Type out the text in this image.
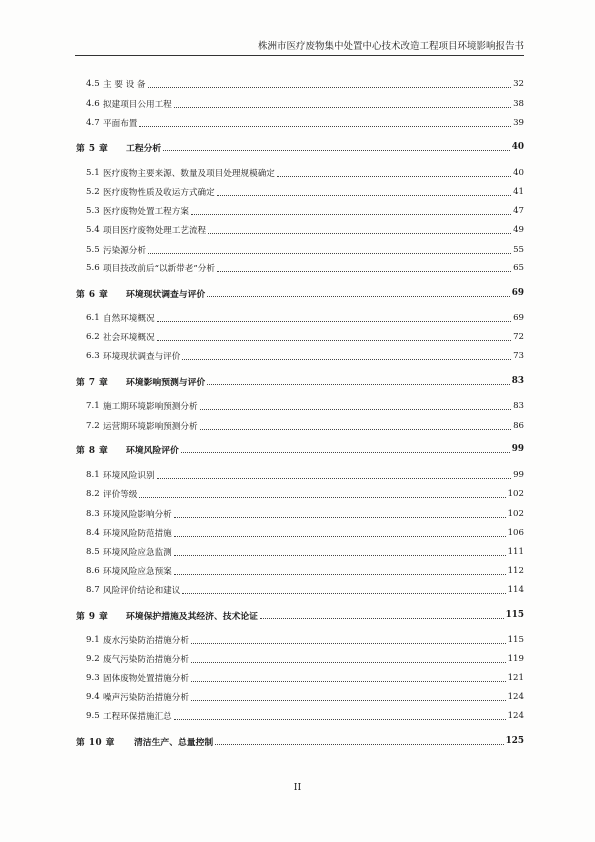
株洲市医疗废物集中处置中心技术改造工程项目环境影响报告书
4.5 主 要 设 备	32
4.6 拟建项目公用工程	38
4.7 平面布置	39
第 5 章	工程分析	40
5.1 医疗废物主要来源、数量及项目处理规模确定	40
5.2 医疗废物性质及收运方式确定	41
5.3 医疗废物处置工程方案	47
5.4 项目医疗废物处理工艺流程	49
5.5 污染源分析	55
5.6 项目技改前后“以新带老”分析	65
第 6 章	环境现状调查与评价	69
6.1 自然环境概况	69
6.2 社会环境概况	72
6.3 环境现状调查与评价	73
第 7 章	环境影响预测与评价	83
7.1 施工期环境影响预测分析	83
7.2 运营期环境影响预测分析	86
第 8 章	环境风险评价	99
8.1 环境风险识别	99
8.2 评价等级	102
8.3 环境风险影响分析	102
8.4 环境风险防范措施	106
8.5 环境风险应急监测	111
8.6 环境风险应急预案	112
8.7 风险评价结论和建议	114
第 9 章	环境保护措施及其经济、技术论证	115
9.1 废水污染防治措施分析	115
9.2 废气污染防治措施分析	119
9.3 固体废物处置措施分析	121
9.4 噪声污染防治措施分析	124
9.5 工程环保措施汇总	124
第 10 章	清洁生产、总量控制	125
II
